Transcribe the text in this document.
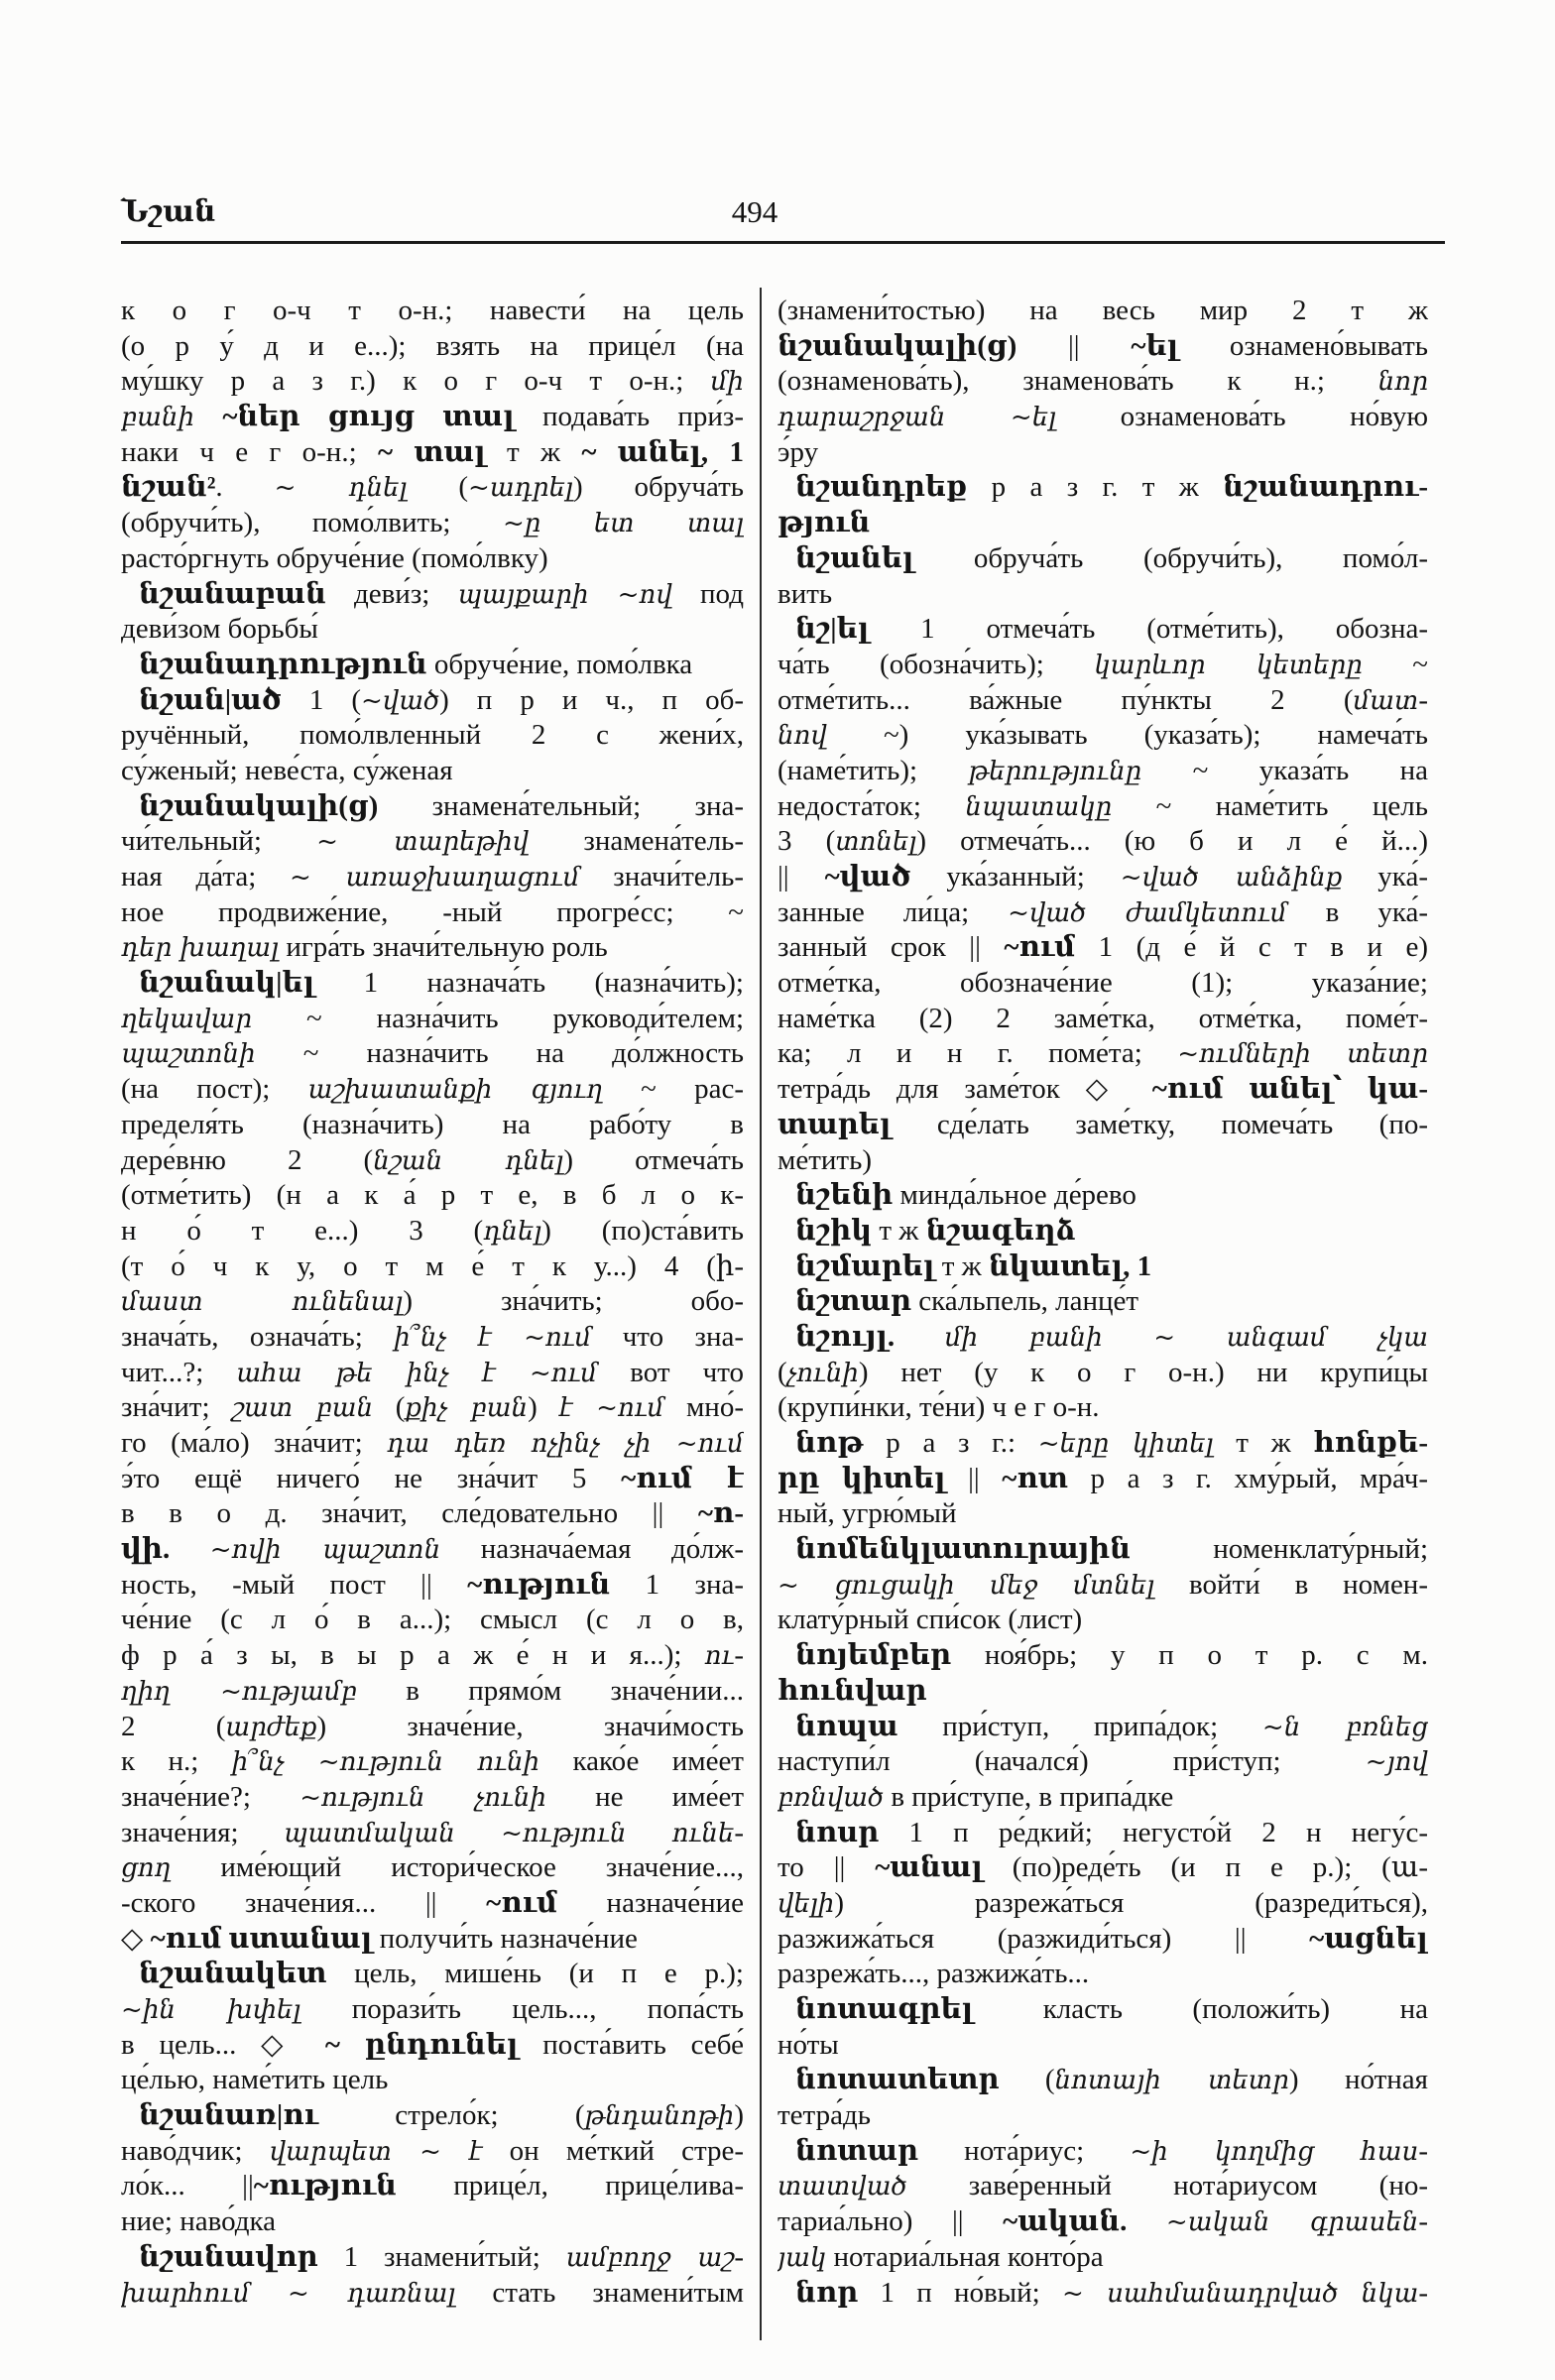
Նշան	494
к о г о-ч т о-н.; навести́ на цель
(о р у́ д и е...); взять на прице́л (на
му́шку р а з г.) к о г о-ч т о-н.; մի
բանի ~ներ ցույց տալ подава́ть при́з-
наки ч е г о-н.; ~ տալ т ж ~ անել, 1
նշան². ~ դնել (~ադրել) обруча́ть
(обручи́ть), помо́лвить; ~ը ետ տալ
расто́ргнуть обруче́ние (помо́лвку)
նշանաբան деви́з; պայքարի ~ով под
деви́зом борьбы́
նշանադրություն обруче́ние, помо́лвка
նշան|ած 1 (~ված) п р и ч., п об-
ручённый, помо́лвленный 2 с жени́х,
су́женый; неве́ста, су́женая
նշանակալի(ց) знамена́тельный; зна-
чи́тельный; ~ տարեթիվ знамена́тель-
ная да́та; ~ առաջխաղացում значи́тель-
ное продвиже́ние, -ный прогре́сс; ~
դեր խաղալ игра́ть значи́тельную роль
նշանակ|ել 1 назнача́ть (назна́чить);
ղեկավար ~ назна́чить руководи́телем;
պաշտոնի ~ назна́чить на до́лжность
(на пост); աշխատանքի գյուղ ~ рас-
пределя́ть (назна́чить) на рабо́ту в
дере́вню 2 (նշան դնել) отмеча́ть
(отме́тить) (н а к а́ р т е, в б л о к-
н о́ т е...) 3 (դնել) (по)ста́вить
(т о́ ч к у, о т м е́ т к у...) 4 (ի-
մաստ ունենալ) зна́чить; обо-
знача́ть, означа́ть; ի՞նչ է ~ում что зна-
чит...?; ահա թե ինչ է ~ում вот что
зна́чит; շատ բան (քիչ բան) է ~ում мно́-
го (ма́ло) зна́чит; դա դեռ ոչինչ չի ~ում
э́то ещё ничего́ не зна́чит 5 ~ում է
в в о д. зна́чит, сле́довательно || ~ո-
վի. ~ովի պաշտոն назнача́емая до́лж-
ность, -мый пост || ~ություն 1 зна-
че́ние (с л о́ в а...); смысл (с л о в,
ф р а́ з ы, в ы р а ж е́ н и я...); ու-
ղիղ ~ությամբ в прямо́м значе́нии...
2 (արժեք) значе́ние, значи́мость
к н.; ի՞նչ ~ություն ունի како́е име́ет
значе́ние?; ~ություն չունի не име́ет
значе́ния; պատմական ~ություն ունե-
ցող име́ющий истори́ческое значе́ние...,
-ского значе́ния... || ~ում назначе́ние
◇ ~ում ստանալ получи́ть назначе́ние
նշանակետ цель, мише́нь (и п е р.);
~ին խփել порази́ть цель..., попа́сть
в цель... ◇ ~ ընդունել поста́вить себе́
це́лью, наме́тить цель
նշանառ|ու стрело́к; (թնդանոթի)
наво́дчик; վարպետ ~ է он ме́ткий стре-
ло́к... ||~ություն прице́л, прице́лива-
ние; наво́дка
նշանավոր 1 знамени́тый; ամբողջ աշ-
խարհում ~ դառնալ стать знамени́тым
(знамени́тостью) на весь мир 2 т ж
նշանակալի(ց) || ~ել ознамено́вывать
(ознаменова́ть), знаменова́ть к н.; նոր
դարաշրջան ~ել ознаменова́ть но́вую
э́ру
նշանդրեք р а з г. т ж նշանադրու-
թյուն
նշանել обруча́ть (обручи́ть), помо́л-
вить
նշ|ել 1 отмеча́ть (отме́тить), обозна-
ча́ть (обозна́чить); կարևոր կետերը ~
отме́тить... ва́жные пу́нкты 2 (մատ-
նով ~) ука́зывать (указа́ть); намеча́ть
(наме́тить); թերությունը ~ указа́ть на
недоста́ток; նպատակը ~ наме́тить цель
3 (տոնել) отмеча́ть... (ю б и л е́ й...)
|| ~ված ука́занный; ~ված անձինք ука́-
занные ли́ца; ~ված ժամկետում в ука́-
занный срок || ~ում 1 (д е́ й с т в и е)
отме́тка, обозначе́ние (1); указа́ние;
наме́тка (2) 2 заме́тка, отме́тка, поме́т-
ка; л и н г. поме́та; ~ումների տետր
тетра́дь для заме́ток ◇ ~ում անել՝ կա-
տարել сде́лать заме́тку, помеча́ть (по-
ме́тить)
նշենի минда́льное де́рево
նշիկ т ж նշագեղձ
նշմարել т ж նկատել, 1
նշտար ска́льпель, ланце́т
նշույլ. մի բանի ~ անգամ չկա
(չունի) нет (у к о г о-н.) ни крупи́цы
(крупи́нки, те́ни) ч е г о-н.
նոթ р а з г.: ~երը կիտել т ж հոնքե-
րը կիտել || ~ոտ р а з г. хму́рый, мра́ч-
ный, угрю́мый
նոմենկլատուրային номенклату́рный;
~ ցուցակի մեջ մտնել войти́ в номен-
клату́рный спи́сок (лист)
նոյեմբեր ноя́брь; у п о т р. с м.
հունվար
նոպա при́ступ, припа́док; ~ն բռնեց
наступи́л (начался́) при́ступ; ~յով
բռնված в при́ступе, в припа́дке
նոսր 1 п ре́дкий; негусто́й 2 н негу́с-
то || ~անալ (по)реде́ть (и п е р.); (ա-
վելի) разрежа́ться (разреди́ться),
разжижа́ться (разжиди́ться) || ~ացնել
разрежа́ть..., разжижа́ть...
նոտագրել класть (положи́ть) на
но́ты
նոտատետր (նոտայի տետր) но́тная
тетра́дь
նոտար нота́риус; ~ի կողմից հաս-
տատված заве́ренный нота́риусом (но-
тариа́льно) || ~ական. ~ական գրասեն-
յակ нотариа́льная конто́ра
նոր 1 п но́вый; ~ սահմանադրված նկա-
